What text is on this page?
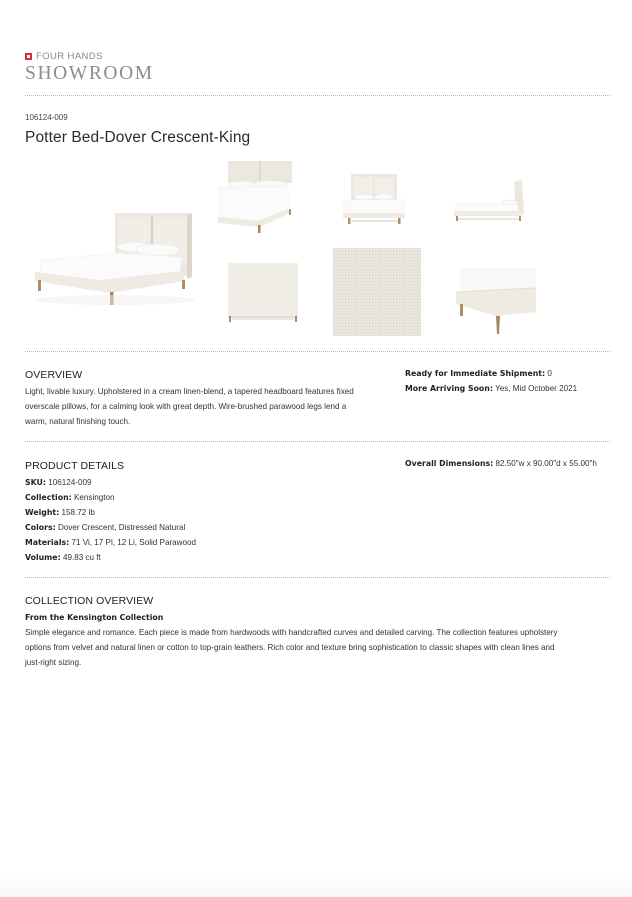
FOUR HANDS
SHOWROOM
106124-009
Potter Bed-Dover Crescent-King
OVERVIEW
Light, livable luxury. Upholstered in a cream linen-blend, a tapered headboard features fixed
overscale pillows, for a calming look with great depth. Wire-brushed parawood legs lend a
warm, natural finishing touch.
Ready for Immediate Shipment: 0
More Arriving Soon: Yes, Mid October 2021
PRODUCT DETAILS
SKU: 106124-009
Collection: Kensington
Weight: 158.72 lb
Colors: Dover Crescent, Distressed Natural
Materials: 71 Vi, 17 Pl, 12 Li, Solid Parawood
Volume: 49.83 cu ft
Overall Dimensions: 82.50"w x 90.00"d x 55.00"h
COLLECTION OVERVIEW
From the Kensington Collection
Simple elegance and romance. Each piece is made from hardwoods with handcrafted curves and detailed carving. The collection features upholstery
options from velvet and natural linen or cotton to top-grain leathers. Rich color and texture bring sophistication to classic shapes with clean lines and
just-right sizing.
